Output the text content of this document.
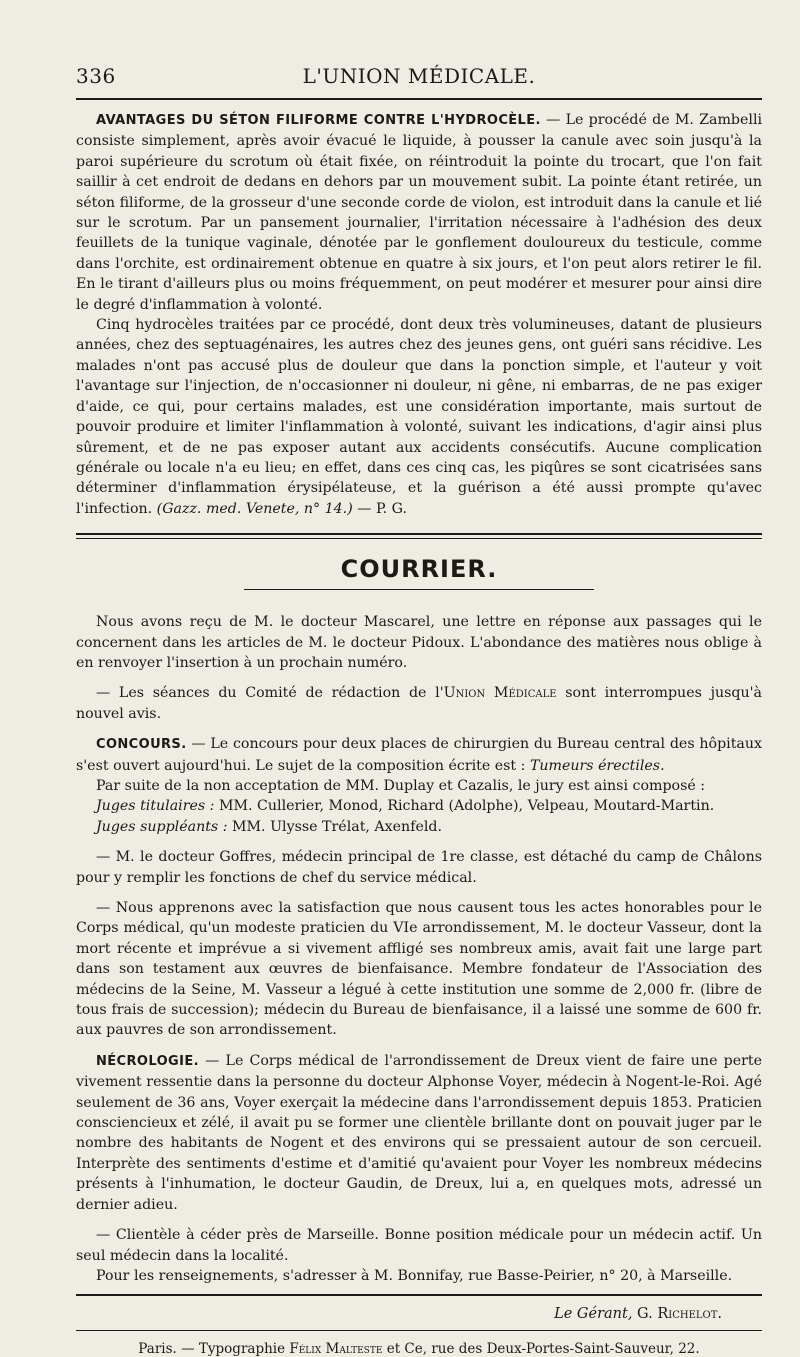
336	L'UNION MÉDICALE.

AVANTAGES DU SÉTON FILIFORME CONTRE L'HYDROCÈLE. — Le procédé de M. Zambelli consiste simplement, après avoir évacué le liquide, à pousser la canule avec soin jusqu'à la paroi supérieure du scrotum où était fixée, on réintroduit la pointe du trocart, que l'on fait saillir à cet endroit de dedans en dehors par un mouvement subit. La pointe étant retirée, un séton filiforme, de la grosseur d'une seconde corde de violon, est introduit dans la canule et lié sur le scrotum. Par un pansement journalier, l'irritation nécessaire à l'adhésion des deux feuillets de la tunique vaginale, dénotée par le gonflement douloureux du testicule, comme dans l'orchite, est ordinairement obtenue en quatre à six jours, et l'on peut alors retirer le fil. En le tirant d'ailleurs plus ou moins fréquemment, on peut modérer et mesurer pour ainsi dire le degré d'inflammation à volonté.

Cinq hydrocèles traitées par ce procédé, dont deux très volumineuses, datant de plusieurs années, chez des septuagénaires, les autres chez des jeunes gens, ont guéri sans récidive. Les malades n'ont pas accusé plus de douleur que dans la ponction simple, et l'auteur y voit l'avantage sur l'injection, de n'occasionner ni douleur, ni gêne, ni embarras, de ne pas exiger d'aide, ce qui, pour certains malades, est une considération importante, mais surtout de pouvoir produire et limiter l'inflammation à volonté, suivant les indications, d'agir ainsi plus sûrement, et de ne pas exposer autant aux accidents consécutifs. Aucune complication générale ou locale n'a eu lieu; en effet, dans ces cinq cas, les piqûres se sont cicatrisées sans déterminer d'inflammation érysipélateuse, et la guérison a été aussi prompte qu'avec l'infection. (Gazz. med. Venete, n° 14.) — P. G.

COURRIER.

Nous avons reçu de M. le docteur Mascarel, une lettre en réponse aux passages qui le concernent dans les articles de M. le docteur Pidoux. L'abondance des matières nous oblige à en renvoyer l'insertion à un prochain numéro.

— Les séances du Comité de rédaction de l'Union Médicale sont interrompues jusqu'à nouvel avis.

CONCOURS. — Le concours pour deux places de chirurgien du Bureau central des hôpitaux s'est ouvert aujourd'hui. Le sujet de la composition écrite est : Tumeurs érectiles.

Par suite de la non acceptation de MM. Duplay et Cazalis, le jury est ainsi composé :

Juges titulaires : MM. Cullerier, Monod, Richard (Adolphe), Velpeau, Moutard-Martin.

Juges suppléants : MM. Ulysse Trélat, Axenfeld.

— M. le docteur Goffres, médecin principal de 1re classe, est détaché du camp de Châlons pour y remplir les fonctions de chef du service médical.

— Nous apprenons avec la satisfaction que nous causent tous les actes honorables pour le Corps médical, qu'un modeste praticien du VIe arrondissement, M. le docteur Vasseur, dont la mort récente et imprévue a si vivement affligé ses nombreux amis, avait fait une large part dans son testament aux œuvres de bienfaisance. Membre fondateur de l'Association des médecins de la Seine, M. Vasseur a légué à cette institution une somme de 2,000 fr. (libre de tous frais de succession); médecin du Bureau de bienfaisance, il a laissé une somme de 600 fr. aux pauvres de son arrondissement.

NÉCROLOGIE. — Le Corps médical de l'arrondissement de Dreux vient de faire une perte vivement ressentie dans la personne du docteur Alphonse Voyer, médecin à Nogent-le-Roi. Agé seulement de 36 ans, Voyer exerçait la médecine dans l'arrondissement depuis 1853. Praticien consciencieux et zélé, il avait pu se former une clientèle brillante dont on pouvait juger par le nombre des habitants de Nogent et des environs qui se pressaient autour de son cercueil. Interprète des sentiments d'estime et d'amitié qu'avaient pour Voyer les nombreux médecins présents à l'inhumation, le docteur Gaudin, de Dreux, lui a, en quelques mots, adressé un dernier adieu.

— Clientèle à céder près de Marseille. Bonne position médicale pour un médecin actif. Un seul médecin dans la localité.

Pour les renseignements, s'adresser à M. Bonnifay, rue Basse-Peirier, n° 20, à Marseille.

Le Gérant, G. Richelot.
Paris. — Typographie Félix Malteste et Ce, rue des Deux-Portes-Saint-Sauveur, 22.
